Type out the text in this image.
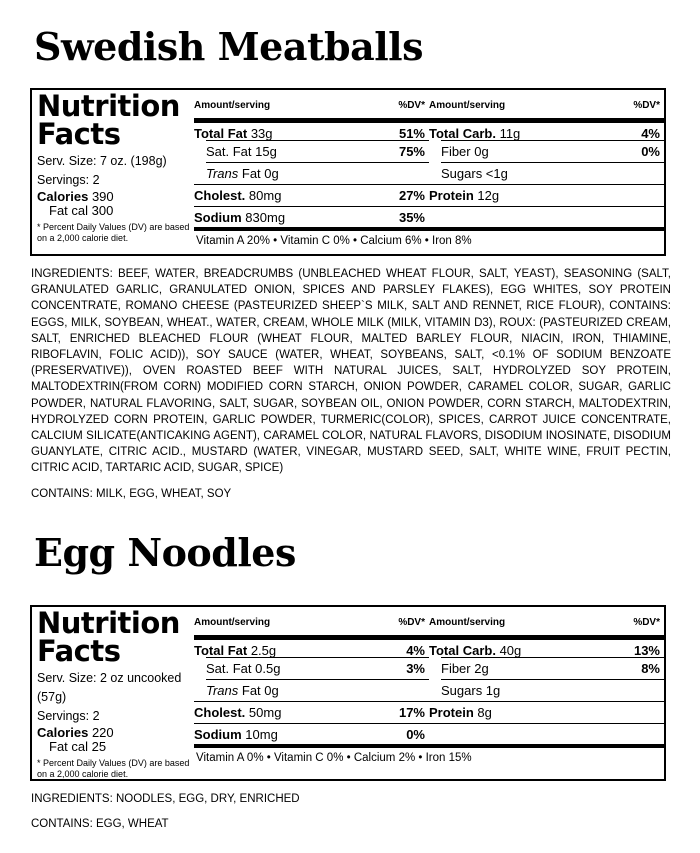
Swedish Meatballs
Nutrition Facts
Serv. Size: 7 oz. (198g)
Servings: 2
Calories 390
Fat cal 300
* Percent Daily Values (DV) are based on a 2,000 calorie diet.
Amount/serving	%DV*
Total Fat 33g	51%
Sat. Fat 15g	75%
Trans Fat 0g
Cholest. 80mg	27%
Sodium 830mg	35%
Amount/serving	%DV*
Total Carb. 11g	4%
Fiber 0g	0%
Sugars <1g
Protein 12g
Vitamin A 20% • Vitamin C 0% • Calcium 6% • Iron 8%

INGREDIENTS: BEEF, WATER, BREADCRUMBS (UNBLEACHED WHEAT FLOUR, SALT, YEAST), SEASONING (SALT, GRANULATED GARLIC, GRANULATED ONION, SPICES AND PARSLEY FLAKES), EGG WHITES, SOY PROTEIN CONCENTRATE, ROMANO CHEESE (PASTEURIZED SHEEP`S MILK, SALT AND RENNET, RICE FLOUR), CONTAINS: EGGS, MILK, SOYBEAN, WHEAT., WATER, CREAM, WHOLE MILK (MILK, VITAMIN D3), ROUX: (PASTEURIZED CREAM, SALT, ENRICHED BLEACHED FLOUR (WHEAT FLOUR, MALTED BARLEY FLOUR, NIACIN, IRON, THIAMINE, RIBOFLAVIN, FOLIC ACID)), SOY SAUCE (WATER, WHEAT, SOYBEANS, SALT, <0.1% OF SODIUM BENZOATE (PRESERVATIVE)), OVEN ROASTED BEEF WITH NATURAL JUICES, SALT, HYDROLYZED SOY PROTEIN, MALTODEXTRIN(FROM CORN) MODIFIED CORN STARCH, ONION POWDER, CARAMEL COLOR, SUGAR, GARLIC POWDER, NATURAL FLAVORING, SALT, SUGAR, SOYBEAN OIL, ONION POWDER, CORN STARCH, MALTODEXTRIN, HYDROLYZED CORN PROTEIN, GARLIC POWDER, TURMERIC(COLOR), SPICES, CARROT JUICE CONCENTRATE, CALCIUM SILICATE(ANTICAKING AGENT), CARAMEL COLOR, NATURAL FLAVORS, DISODIUM INOSINATE, DISODIUM GUANYLATE, CITRIC ACID., MUSTARD (WATER, VINEGAR, MUSTARD SEED, SALT, WHITE WINE, FRUIT PECTIN, CITRIC ACID, TARTARIC ACID, SUGAR, SPICE)

CONTAINS: MILK, EGG, WHEAT, SOY

Egg Noodles
Nutrition Facts
Serv. Size: 2 oz uncooked (57g)
Servings: 2
Calories 220
Fat cal 25
* Percent Daily Values (DV) are based on a 2,000 calorie diet.
Amount/serving	%DV*
Total Fat 2.5g	4%
Sat. Fat 0.5g	3%
Trans Fat 0g
Cholest. 50mg	17%
Sodium 10mg	0%
Amount/serving	%DV*
Total Carb. 40g	13%
Fiber 2g	8%
Sugars 1g
Protein 8g
Vitamin A 0% • Vitamin C 0% • Calcium 2% • Iron 15%

INGREDIENTS: NOODLES, EGG, DRY, ENRICHED

CONTAINS: EGG, WHEAT
